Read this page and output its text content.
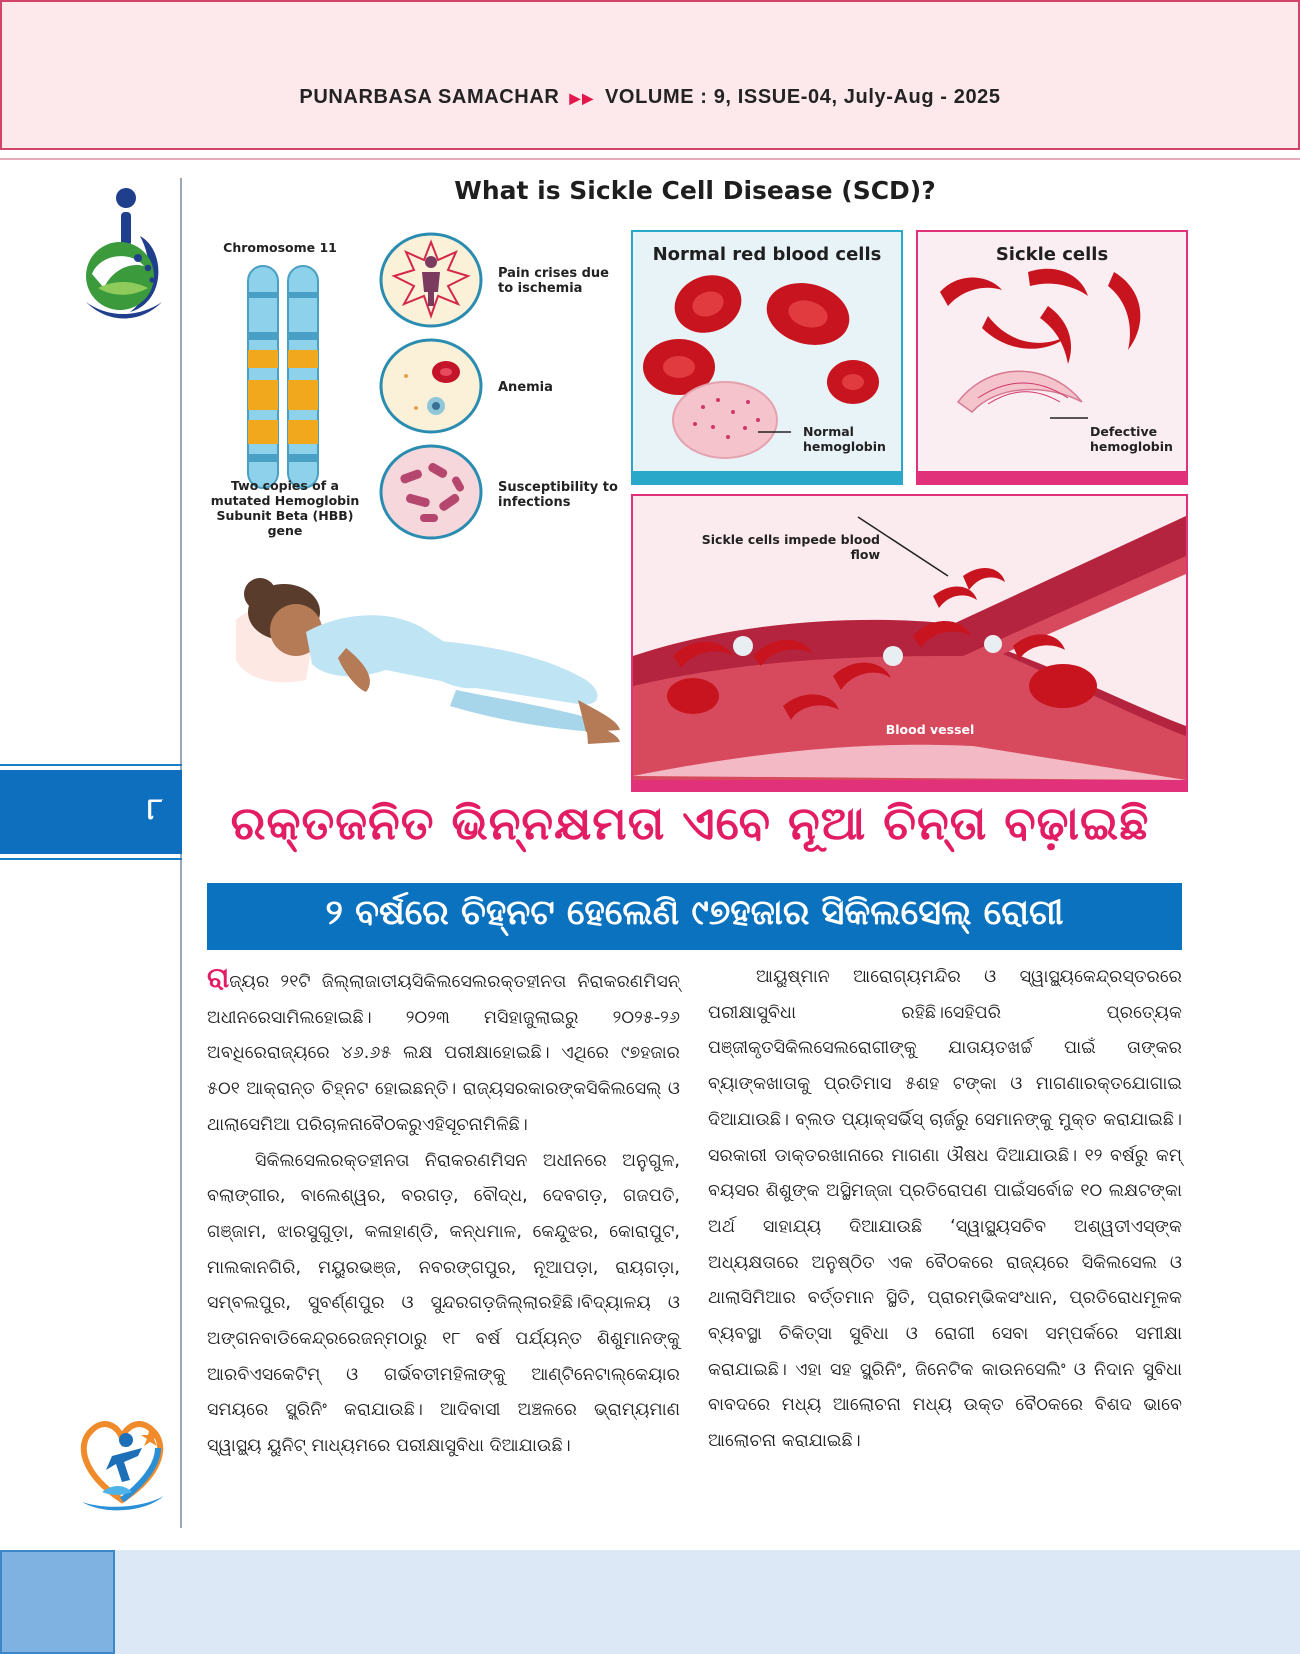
PUNARBASA SAMACHAR ▶▶ VOLUME : 9, ISSUE-04, July-Aug - 2025
୮
What is Sickle Cell Disease (SCD)?
Chromosome 11
Two copies of a mutated Hemoglobin Subunit Beta (HBB) gene
Pain crises due to ischemia
Anemia
Susceptibility to infections
Normal red blood cells
Normal hemoglobin
Sickle cells
Defective hemoglobin
Sickle cells impede blood flow
Blood vessel
ରକ୍ତଜନିତ ଭିନ୍ନକ୍ଷମତା ଏବେ ନୂଆ ଚିନ୍ତା ବଢ଼ାଇଛି
୨ ବର୍ଷରେ ଚିହ୍ନଟ ହେଲେଣି ୯୭ହଜାର ସିକିଲସେଲ୍ ରୋଗୀ

ରାଜ୍ୟର ୨୧ଟି ଜିଲ୍ଲାଜାତୀୟସିକିଲସେଲରକ୍ତହୀନତା ନିରାକରଣମିସନ୍ ଅଧୀନରେସାମିଲହୋଇଛି। ୨୦୨୩ ମସିହାଜୁଲାଇରୁ ୨୦୨୫-୨୬ ଅବଧିରେରାଜ୍ୟରେ ୪୬.୬୫ ଲକ୍ଷ ପରୀକ୍ଷାହୋଇଛି। ଏଥିରେ ୯୭ହଜାର ୫୦୧ ଆକ୍ରାନ୍ତ ଚିହ୍ନଟ ହୋଇଛନ୍ତି। ରାଜ୍ୟସରକାରଙ୍କସିକିଲସେଲ୍ ଓ ଥାଲାସେମିଆ ପରିଚାଳନାବୈଠକରୁଏହିସୂଚନାମିଳିଛି।

ସିକିଲସେଲରକ୍ତହୀନତା ନିରାକରଣମିସନ ଅଧୀନରେ ଅନୁଗୁଳ, ବଲାଙ୍ଗୀର, ବାଲେଶ୍ୱର, ବରଗଡ଼, ବୌଦ୍ଧ, ଦେବଗଡ଼, ଗଜପତି, ଗଞ୍ଜାମ, ଝାରସୁଗୁଡ଼ା, କଳାହାଣ୍ଡି, କନ୍ଧମାଳ, କେନ୍ଦୁଝର, କୋରାପୁଟ, ମାଲକାନଗିରି, ମୟୁରଭଞ୍ଜ, ନବରଙ୍ଗପୁର, ନୂଆପଡ଼ା, ରାୟଗଡ଼ା, ସମ୍ବଲପୁର, ସୁବର୍ଣ୍ଣପୁର ଓ ସୁନ୍ଦରଗଡ଼ଜିଲ୍ଲାରହିଛି।ବିଦ୍ୟାଳୟ ଓ ଅଙ୍ଗନବାଡିକେନ୍ଦ୍ରରେଜନ୍ମଠାରୁ ୧୮ ବର୍ଷ ପର୍ଯ୍ୟନ୍ତ ଶିଶୁମାନଙ୍କୁ ଆରବିଏସକେଟିମ୍ ଓ ଗର୍ଭବତୀମହିଳାଙ୍କୁ ଆଣ୍ଟିନେଟାଲ୍‌କେୟାର ସମୟରେ ସ୍କ୍ରିନିଂ କରାଯାଉଛି। ଆଦିବାସୀ ଅଞ୍ଚଳରେ ଭ୍ରାମ୍ୟମାଣ ସ୍ୱାସ୍ଥ୍ୟ ୟୁନିଟ୍ ମାଧ୍ୟମରେ ପରୀକ୍ଷାସୁବିଧା ଦିଆଯାଉଛି।

ଆୟୁଷ୍ମାନ ଆରୋଗ୍ୟମନ୍ଦିର ଓ ସ୍ୱାସ୍ଥ୍ୟକେନ୍ଦ୍ରସ୍ତରରେ ପରୀକ୍ଷାସୁବିଧା ରହିଛି।ସେହିପରି ପ୍ରତ୍ୟେକ ପଞ୍ଜୀକୃତସିକିଲସେଲରୋଗୀଙ୍କୁ ଯାତାୟତଖର୍ଚ୍ଚ ପାଇଁ ତାଙ୍କର ବ୍ୟାଙ୍କଖାତାକୁ ପ୍ରତିମାସ ୫ଶହ ଟଙ୍କା ଓ ମାଗଣାରକ୍ତଯୋଗାଇ ଦିଆଯାଉଛି। ବ୍ଲଡ ପ୍ୟାକ୍‌ସର୍ଭିସ୍ ଚାର୍ଜରୁ ସେମାନଙ୍କୁ ମୁକ୍ତ କରାଯାଇଛି। ସରକାରୀ ଡାକ୍ତରଖାନାରେ ମାଗଣା ଔଷଧ ଦିଆଯାଉଛି। ୧୨ ବର୍ଷରୁ କମ୍ ବୟସର ଶିଶୁଙ୍କ ଅସ୍ଥିମଜ୍ଜା ପ୍ରତିରୋପଣ ପାଇଁସର୍ବୋଚ୍ଚ ୧୦ ଲକ୍ଷଟଙ୍କା ଅର୍ଥ ସାହାଯ୍ୟ ଦିଆଯାଉଛି ‘ସ୍ୱାସ୍ଥ୍ୟସଚିବ ଅଶ୍ୱତୀଏସ୍‌ଙ୍କ ଅଧ୍ୟକ୍ଷତାରେ ଅନୁଷ୍ଠିତ ଏକ ବୈଠକରେ ରାଜ୍ୟରେ ସିକିଲସେଲ ଓ ଥାଲାସିମିଆର ବର୍ତ୍ତମାନ ସ୍ଥିତି, ପ୍ରାରମ୍ଭିକସଂଧାନ, ପ୍ରତିରୋଧମୂଳକ ବ୍ୟବସ୍ଥା ଚିକିତ୍ସା ସୁବିଧା ଓ ରୋଗୀ ସେବା ସମ୍ପର୍କରେ ସମୀକ୍ଷା କରାଯାଇଛି। ଏହା ସହ ସ୍କ୍ରିନିଂ, ଜିନେଟିକ କାଉନସେଲିଂ ଓ ନିଦାନ ସୁବିଧା ବାବଦରେ ମଧ୍ୟ ଆଲୋଚନା ମଧ୍ୟ ଉକ୍ତ ବୈଠକରେ ବିଶଦ ଭାବେ ଆଲୋଚନା କରାଯାଇଛି।
